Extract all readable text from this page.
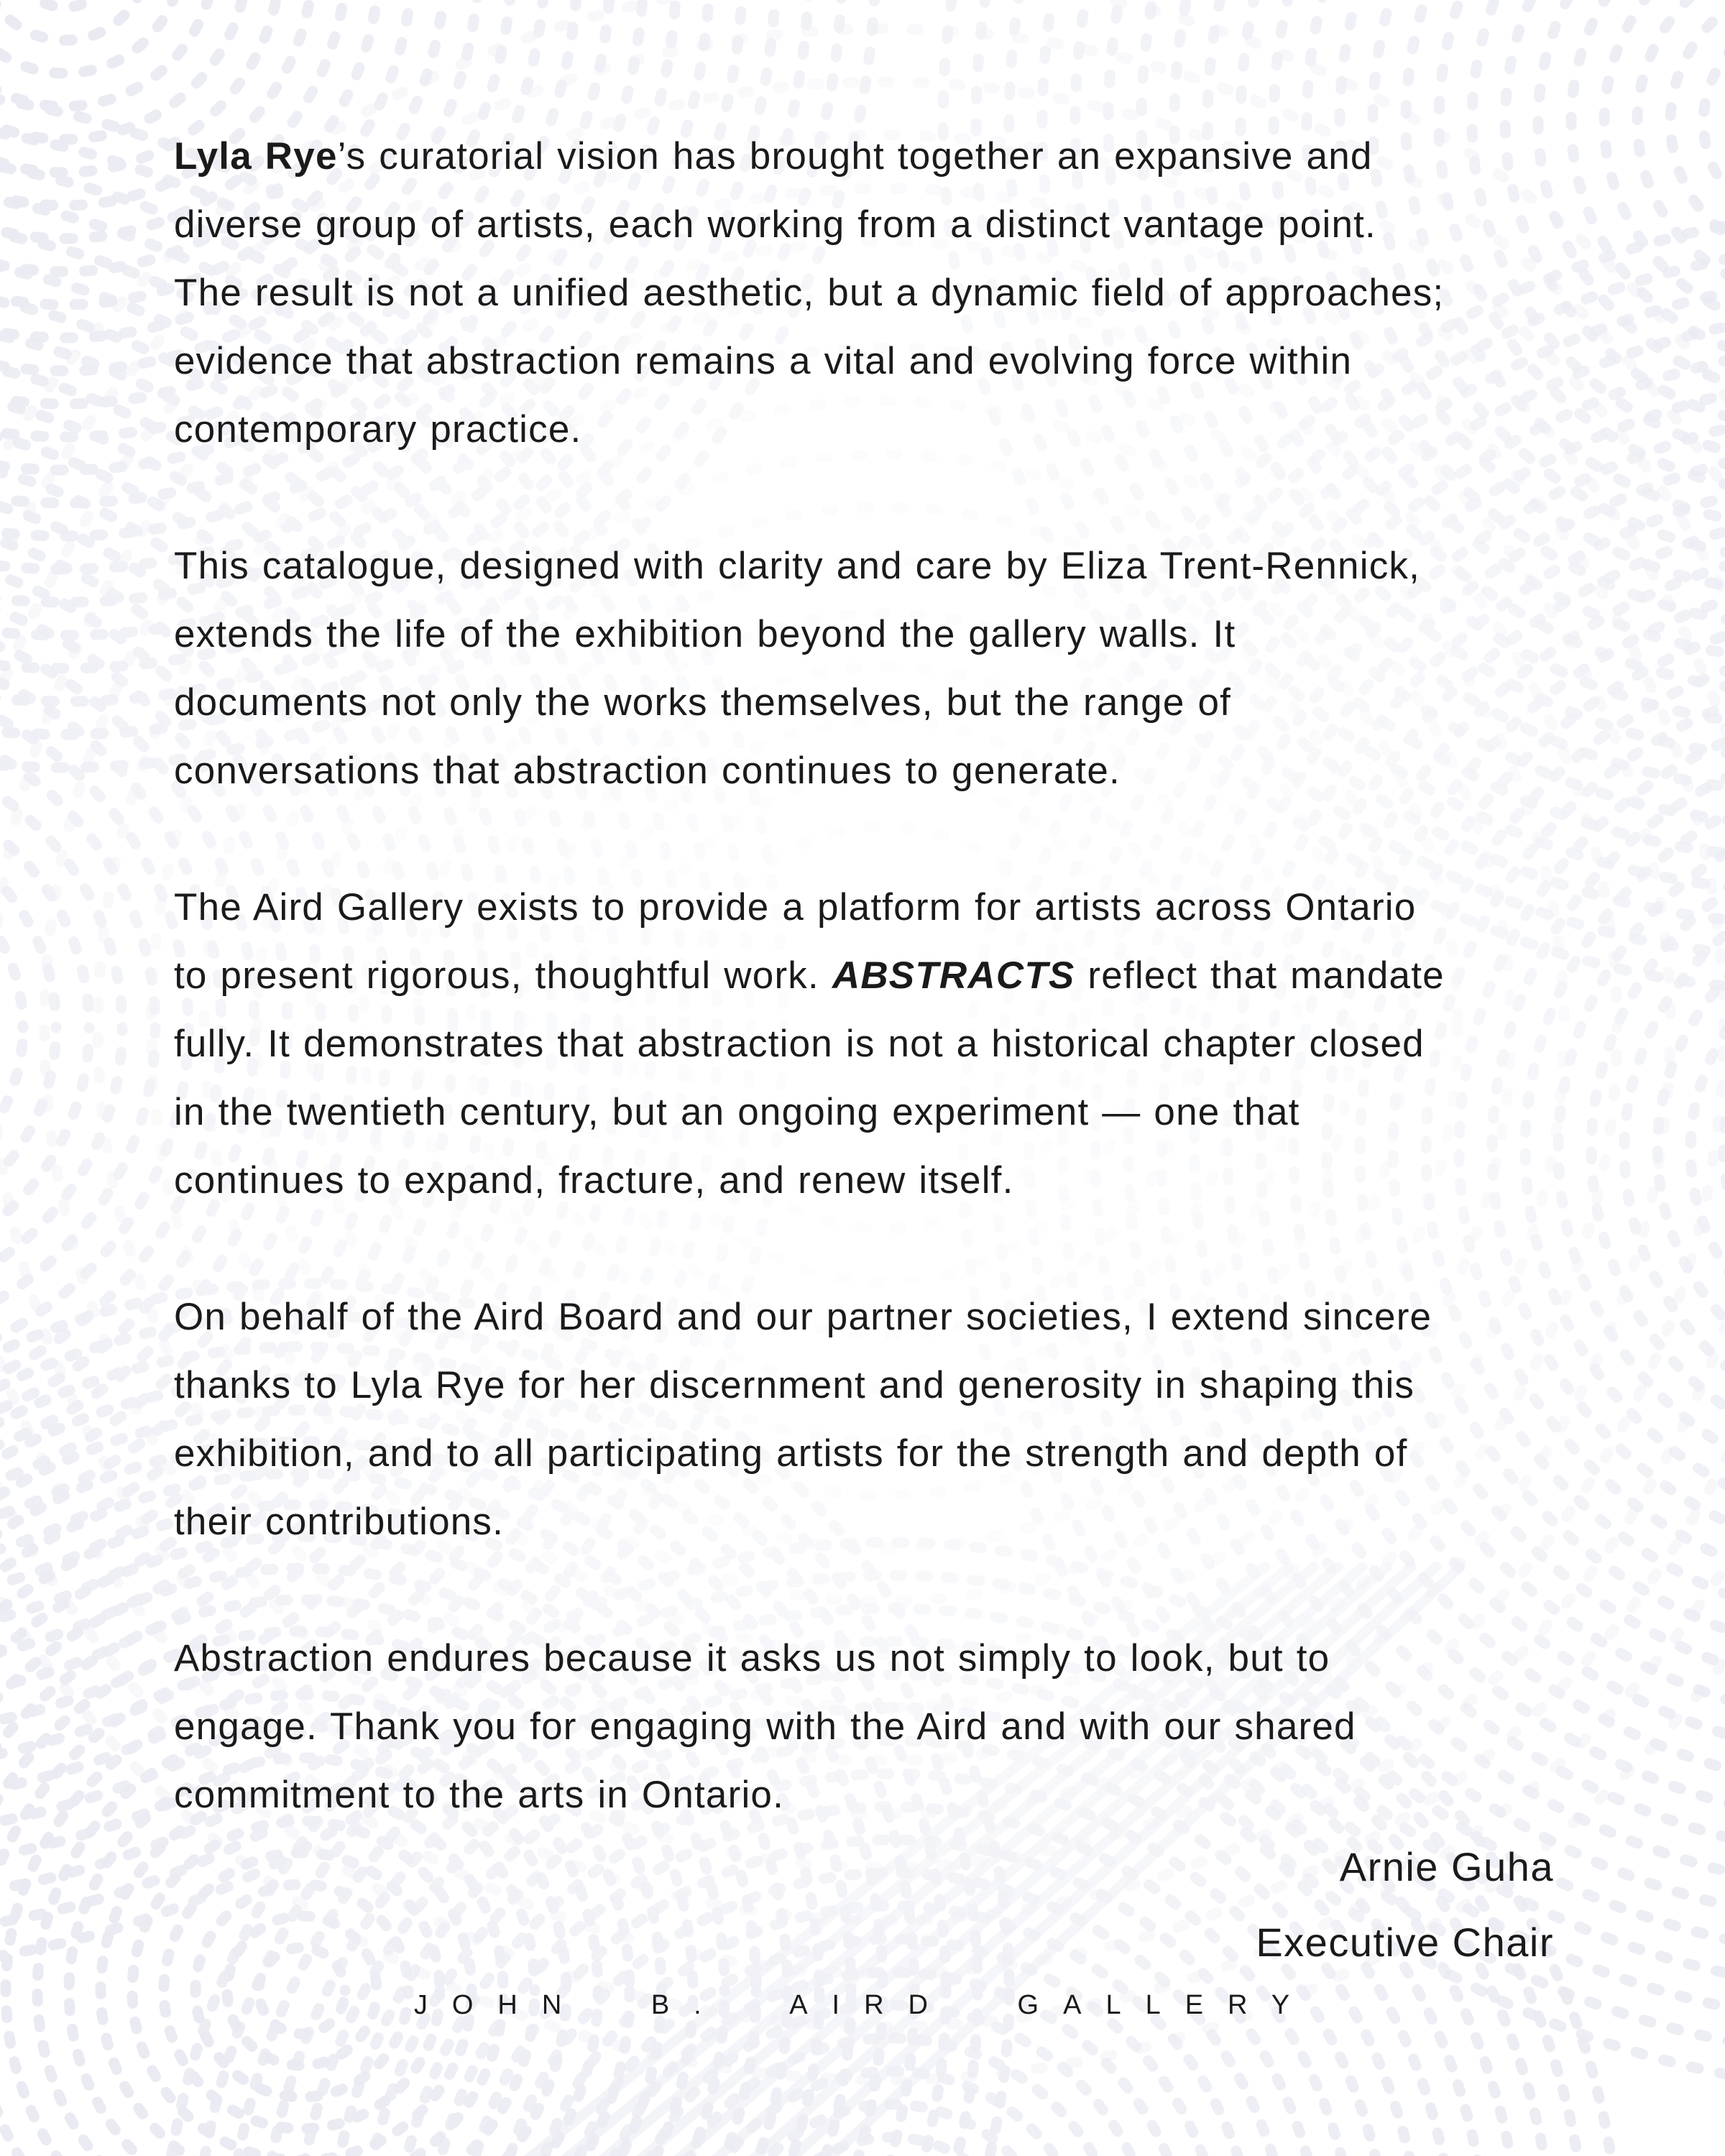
Lyla Rye’s curatorial vision has brought together an expansive and
diverse group of artists, each working from a distinct vantage point.
The result is not a unified aesthetic, but a dynamic field of approaches;
evidence that abstraction remains a vital and evolving force within
contemporary practice.

This catalogue, designed with clarity and care by Eliza Trent-Rennick,
extends the life of the exhibition beyond the gallery walls. It
documents not only the works themselves, but the range of
conversations that abstraction continues to generate.

The Aird Gallery exists to provide a platform for artists across Ontario
to present rigorous, thoughtful work. ABSTRACTS reflect that mandate
fully. It demonstrates that abstraction is not a historical chapter closed
in the twentieth century, but an ongoing experiment — one that
continues to expand, fracture, and renew itself.

On behalf of the Aird Board and our partner societies, I extend sincere
thanks to Lyla Rye for her discernment and generosity in shaping this
exhibition, and to all participating artists for the strength and depth of
their contributions.

Abstraction endures because it asks us not simply to look, but to
engage. Thank you for engaging with the Aird and with our shared
commitment to the arts in Ontario.

Arnie Guha
Executive Chair
JOHN B. AIRD GALLERY
